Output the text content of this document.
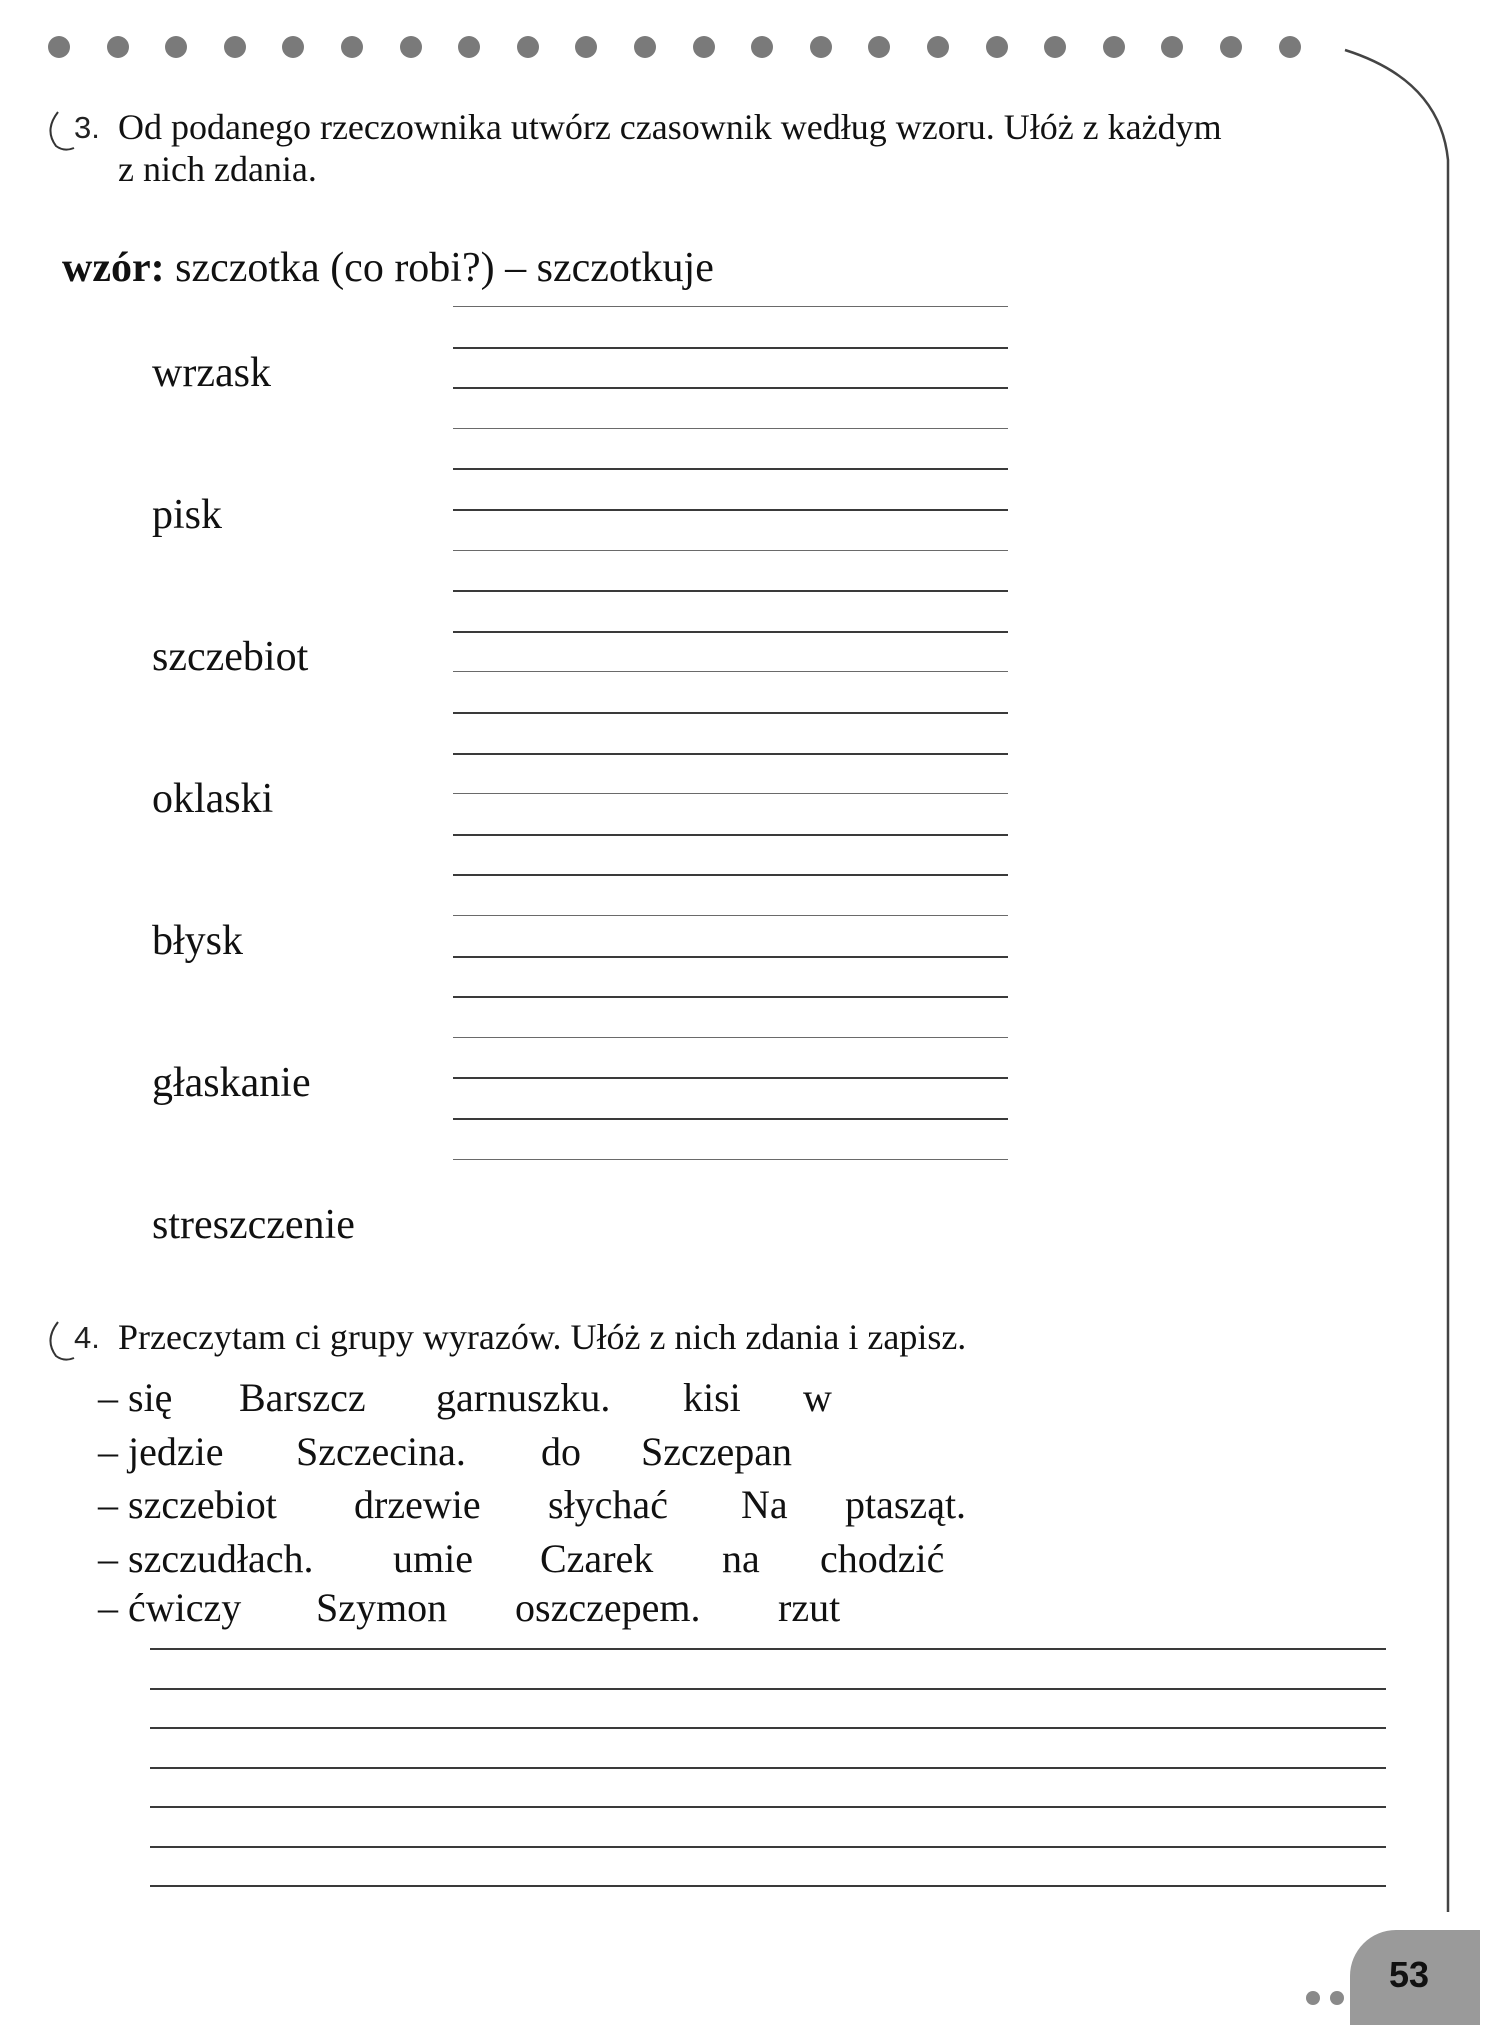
3. Od podanego rzeczownika utwórz czasownik według wzoru. Ułóż z każdym
z nich zdania.
wzór: szczotka (co robi?) – szczotkuje
wrzask
pisk
szczebiot
oklaski
błysk
głaskanie
streszczenie
4. Przeczytam ci grupy wyrazów. Ułóż z nich zdania i zapisz.
– się Barszcz garnuszku. kisi w
– jedzie Szczecina. do Szczepan
– szczebiot drzewie słychać Na ptasząt.
– szczudłach. umie Czarek na chodzić
– ćwiczy Szymon oszczepem. rzut
53
